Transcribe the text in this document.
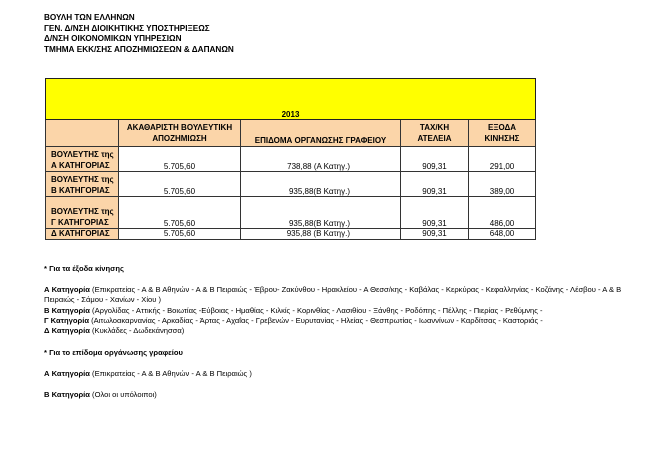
ΒΟΥΛΗ ΤΩΝ ΕΛΛΗΝΩΝ
ΓΕΝ. Δ/ΝΣΗ ΔΙΟΙΚΗΤΙΚΗΣ ΥΠΟΣΤΗΡΙΞΕΩΣ
Δ/ΝΣΗ ΟΙΚΟΝΟΜΙΚΩΝ ΥΠΗΡΕΣΙΩΝ
ΤΜΗΜΑ ΕΚΚ/ΣΗΣ ΑΠΟΖΗΜΙΩΣΕΩΝ & ΔΑΠΑΝΩΝ
2013				
	ΑΚΑΘΑΡΙΣΤΗ ΒΟΥΛΕΥΤΙΚΗ ΑΠΟΖΗΜΙΩΣΗ	ΕΠΙΔΟΜΑ ΟΡΓΑΝΩΣΗΣ ΓΡΑΦΕΙΟΥ	ΤΑΧ/ΚΗ ΑΤΕΛΕΙΑ	ΕΞΟΔΑ ΚΙΝΗΣΗΣ

ΒΟΥΛΕΥΤΗΣ της
Α ΚΑΤΗΓΟΡΙΑΣ	5.705,60	738,88 (Α Κατηγ.)	909,31	291,00

ΒΟΥΛΕΥΤΗΣ της
Β ΚΑΤΗΓΟΡΙΑΣ	5.705,60	935,88(Β Κατηγ.)	909,31	389,00

ΒΟΥΛΕΥΤΗΣ της
Γ ΚΑΤΗΓΟΡΙΑΣ	5.705,60	935,88(Β Κατηγ.)	909,31	486,00
Δ ΚΑΤΗΓΟΡΙΑΣ	5.705,60	935,88 (Β Κατηγ.)	909,31	648,00
* Για τα έξοδα κίνησης
Α Κατηγορία (Επικρατείας - Α & Β Αθηνών - Α & Β Πειραιώς - Έβρου- Ζακύνθου - Ηρακλείου - Α Θεσσ/κης - Καβάλας - Κερκύρας - Κεφαλληνίας - Κοζάνης - Λέσβου - Α & Β Πειραιώς - Σάμου - Χανίων - Χίου )
Β Κατηγορία (Αργολίδας - Αττικής - Βοιωτίας -Εύβοιας - Ημαθίας - Κιλκίς - Κορινθίας - Λασιθίου - Ξάνθης - Ροδόπης - Πέλλης - Πιερίας - Ρεθύμνης -
Γ Κατηγορία (Αιτωλοακαρνανίας - Αρκαδίας - Άρτας - Αχαΐας - Γρεβενών - Ευρυτανίας - Ηλείας - Θεσπρωτίας - Ιωαννίνων - Καρδίτσας - Καστοριάς -
Δ Κατηγορία (Κυκλάδες - Δωδεκάνησσα)
* Για το επίδομα οργάνωσης γραφείου
Α Κατηγορία (Επικρατείας - Α & Β Αθηνών - Α & Β Πειραιώς )
Β Κατηγορία (Ολοι οι υπόλοιποι)
